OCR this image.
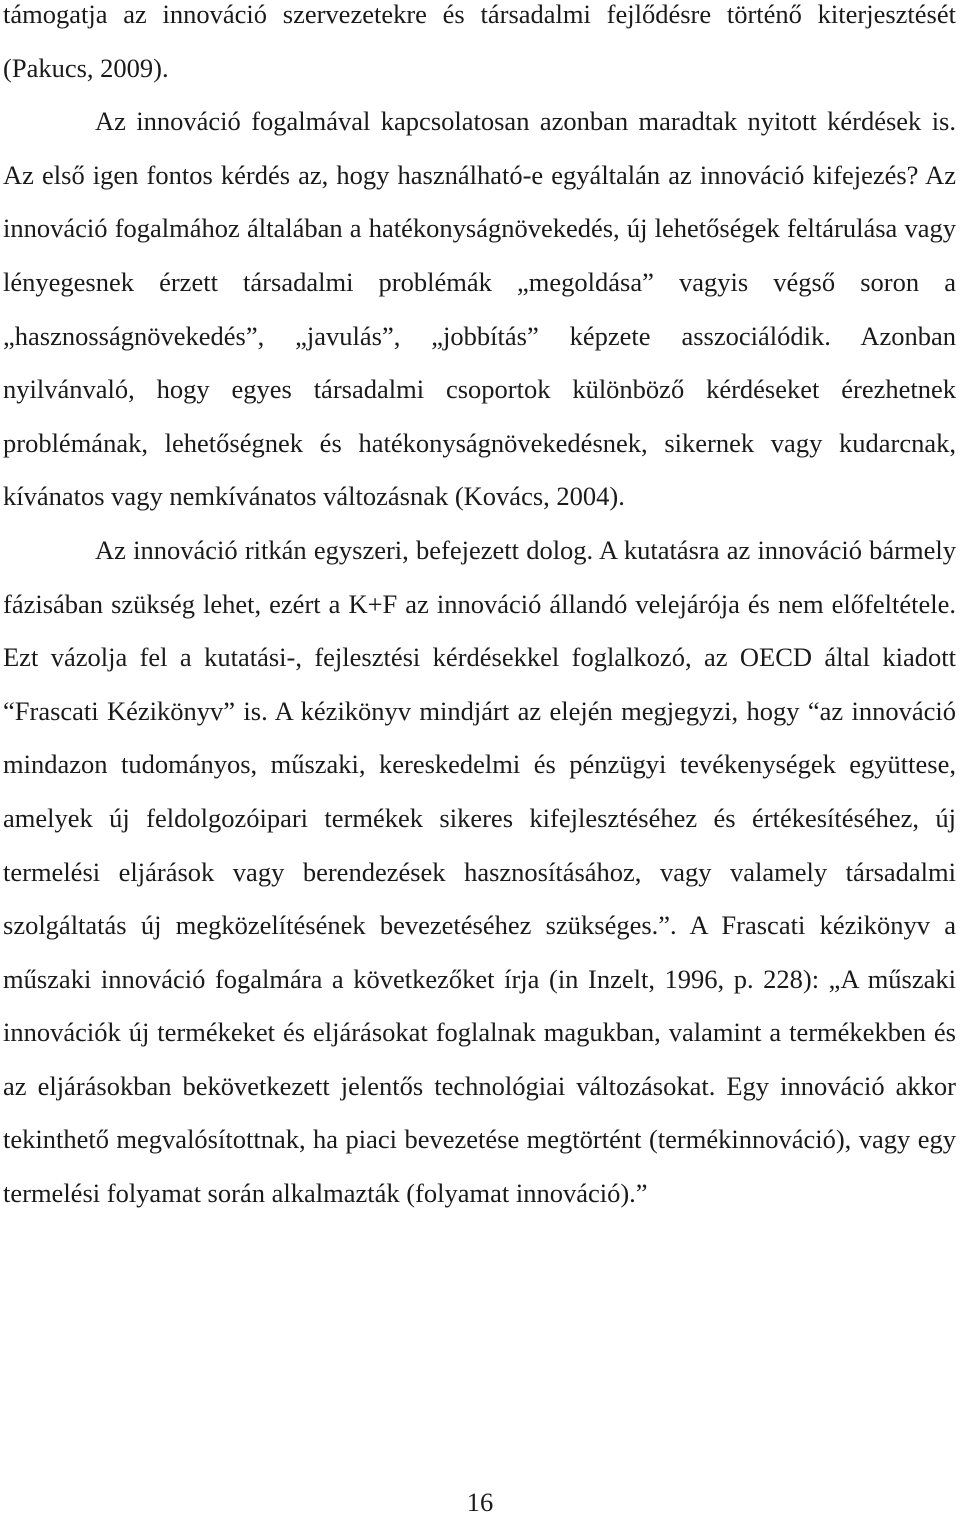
támogatja az innováció szervezetekre és társadalmi fejlődésre történő kiterjesztését (Pakucs, 2009).

Az innováció fogalmával kapcsolatosan azonban maradtak nyitott kérdések is. Az első igen fontos kérdés az, hogy használható-e egyáltalán az innováció kifejezés? Az innováció fogalmához általában a hatékonyságnövekedés, új lehetőségek feltárulása vagy lényegesnek érzett társadalmi problémák „megoldása” vagyis végső soron a „hasznosságnövekedés”, „javulás”, „jobbítás” képzete asszociálódik. Azonban nyilvánvaló, hogy egyes társadalmi csoportok különböző kérdéseket érezhetnek problémának, lehetőségnek és hatékonyságnövekedésnek, sikernek vagy kudarcnak, kívánatos vagy nemkívánatos változásnak (Kovács, 2004).

Az innováció ritkán egyszeri, befejezett dolog. A kutatásra az innováció bármely fázisában szükség lehet, ezért a K+F az innováció állandó velejárója és nem előfeltétele. Ezt vázolja fel a kutatási-, fejlesztési kérdésekkel foglalkozó, az OECD által kiadott “Frascati Kézikönyv” is. A kézikönyv mindjárt az elején megjegyzi, hogy “az innováció mindazon tudományos, műszaki, kereskedelmi és pénzügyi tevékenységek együttese, amelyek új feldolgozóipari termékek sikeres kifejlesztéséhez és értékesítéséhez, új termelési eljárások vagy berendezések hasznosításához, vagy valamely társadalmi szolgáltatás új megközelítésének bevezetéséhez szükséges.”. A Frascati kézikönyv a műszaki innováció fogalmára a következőket írja (in Inzelt, 1996, p. 228): „A műszaki innovációk új termékeket és eljárásokat foglalnak magukban, valamint a termékekben és az eljárásokban bekövetkezett jelentős technológiai változásokat. Egy innováció akkor tekinthető megvalósítottnak, ha piaci bevezetése megtörtént (termékinnováció), vagy egy termelési folyamat során alkalmazták (folyamat innováció).”

16
